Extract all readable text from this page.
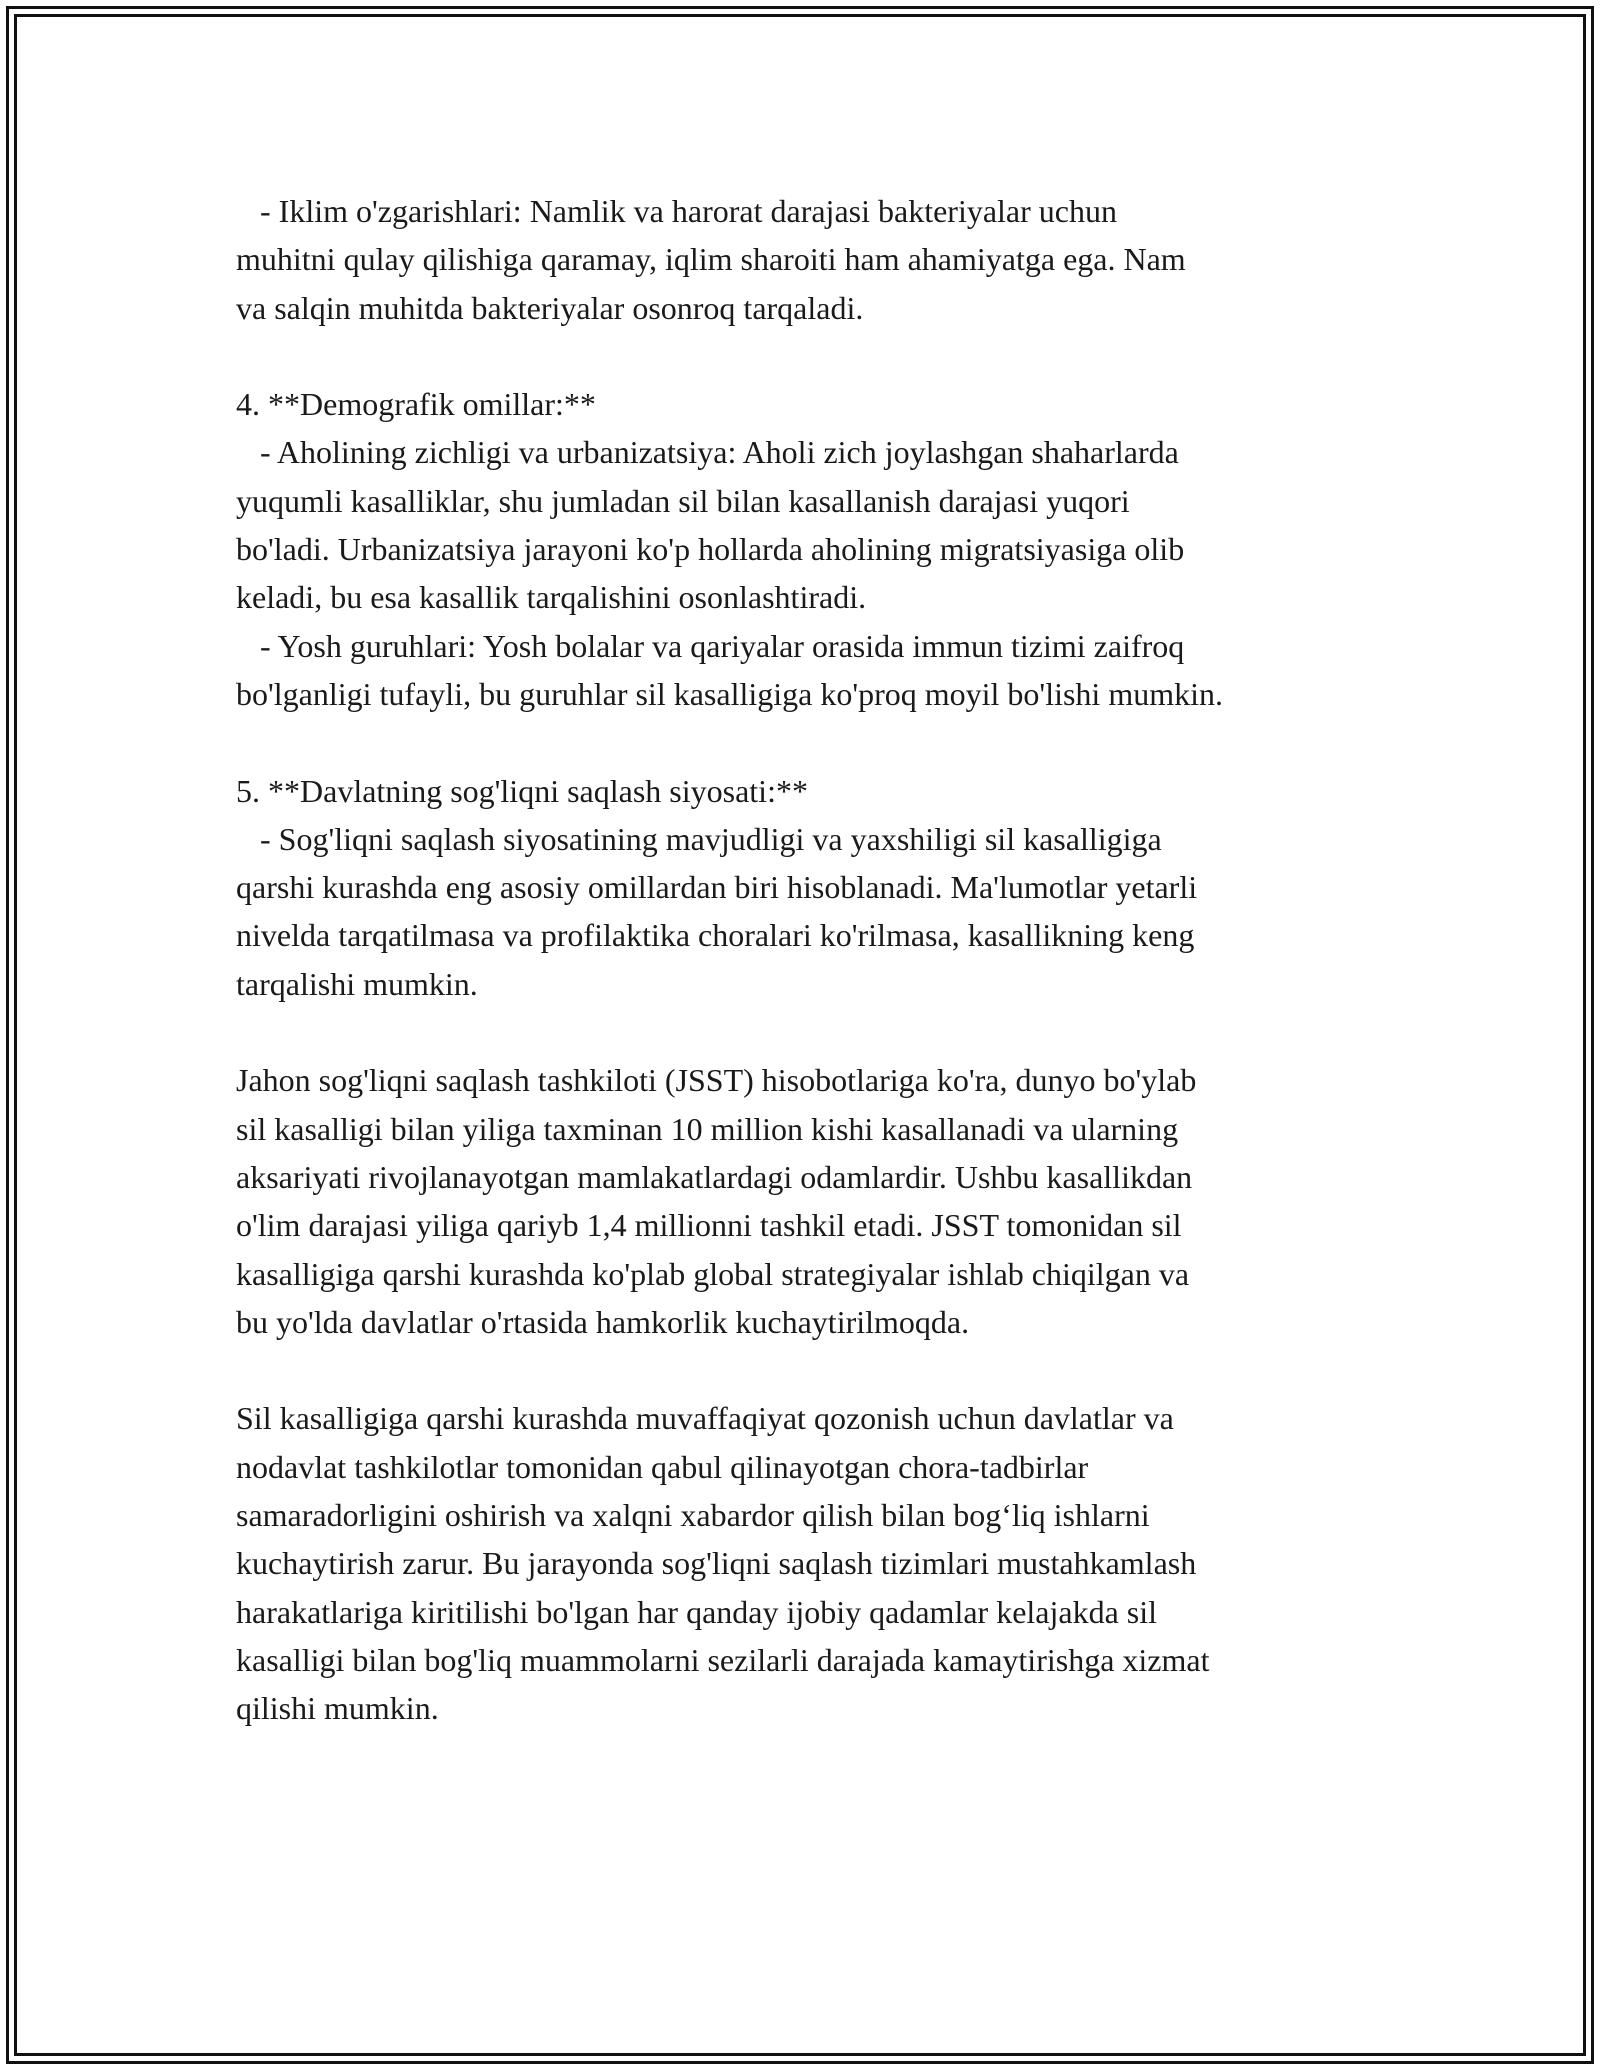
- Iklim o'zgarishlari: Namlik va harorat darajasi bakteriyalar uchun
muhitni qulay qilishiga qaramay, iqlim sharoiti ham ahamiyatga ega. Nam
va salqin muhitda bakteriyalar osonroq tarqaladi.
4. **Demografik omillar:**
- Aholining zichligi va urbanizatsiya: Aholi zich joylashgan shaharlarda
yuqumli kasalliklar, shu jumladan sil bilan kasallanish darajasi yuqori
bo'ladi. Urbanizatsiya jarayoni ko'p hollarda aholining migratsiyasiga olib
keladi, bu esa kasallik tarqalishini osonlashtiradi.
- Yosh guruhlari: Yosh bolalar va qariyalar orasida immun tizimi zaifroq
bo'lganligi tufayli, bu guruhlar sil kasalligiga ko'proq moyil bo'lishi mumkin.
5. **Davlatning sog'liqni saqlash siyosati:**
- Sog'liqni saqlash siyosatining mavjudligi va yaxshiligi sil kasalligiga
qarshi kurashda eng asosiy omillardan biri hisoblanadi. Ma'lumotlar yetarli
nivelda tarqatilmasa va profilaktika choralari ko'rilmasa, kasallikning keng
tarqalishi mumkin.
Jahon sog'liqni saqlash tashkiloti (JSST) hisobotlariga ko'ra, dunyo bo'ylab
sil kasalligi bilan yiliga taxminan 10 million kishi kasallanadi va ularning
aksariyati rivojlanayotgan mamlakatlardagi odamlardir. Ushbu kasallikdan
o'lim darajasi yiliga qariyb 1,4 millionni tashkil etadi. JSST tomonidan sil
kasalligiga qarshi kurashda ko'plab global strategiyalar ishlab chiqilgan va
bu yo'lda davlatlar o'rtasida hamkorlik kuchaytirilmoqda.
Sil kasalligiga qarshi kurashda muvaffaqiyat qozonish uchun davlatlar va
nodavlat tashkilotlar tomonidan qabul qilinayotgan chora-tadbirlar
samaradorligini oshirish va xalqni xabardor qilish bilan bog‘liq ishlarni
kuchaytirish zarur. Bu jarayonda sog'liqni saqlash tizimlari mustahkamlash
harakatlariga kiritilishi bo'lgan har qanday ijobiy qadamlar kelajakda sil
kasalligi bilan bog'liq muammolarni sezilarli darajada kamaytirishga xizmat
qilishi mumkin.
